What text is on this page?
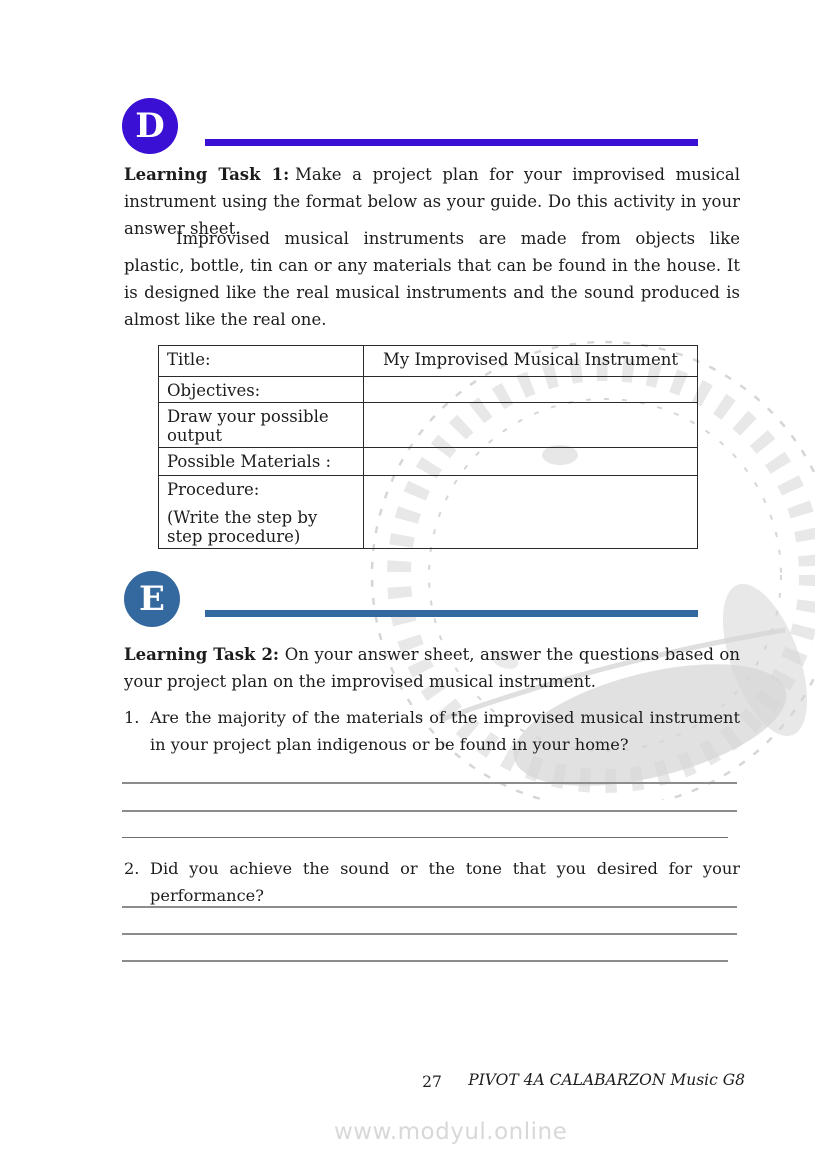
D

Learning Task 1: Make a project plan for your improvised musical instrument using the format below as your guide. Do this activity in your answer sheet.

Improvised musical instruments are made from objects like plastic, bottle, tin can or any materials that can be found in the house. It is designed like the real musical instruments and the sound produced is almost like the real one.

Title:	My Improvised Musical Instrument
Objectives:	
Draw your possible output	
Possible Materials :	

Procedure:
(Write the step by step procedure)	

E

Learning Task 2: On your answer sheet, answer the questions based on your project plan on the improvised musical instrument.

1. Are the majority of the materials of the improvised musical instrument in your project plan indigenous or be found in your home?

2. Did you achieve the sound or the tone that you desired for your performance?

27	PIVOT 4A CALABARZON Music G8
www.modyul.online
